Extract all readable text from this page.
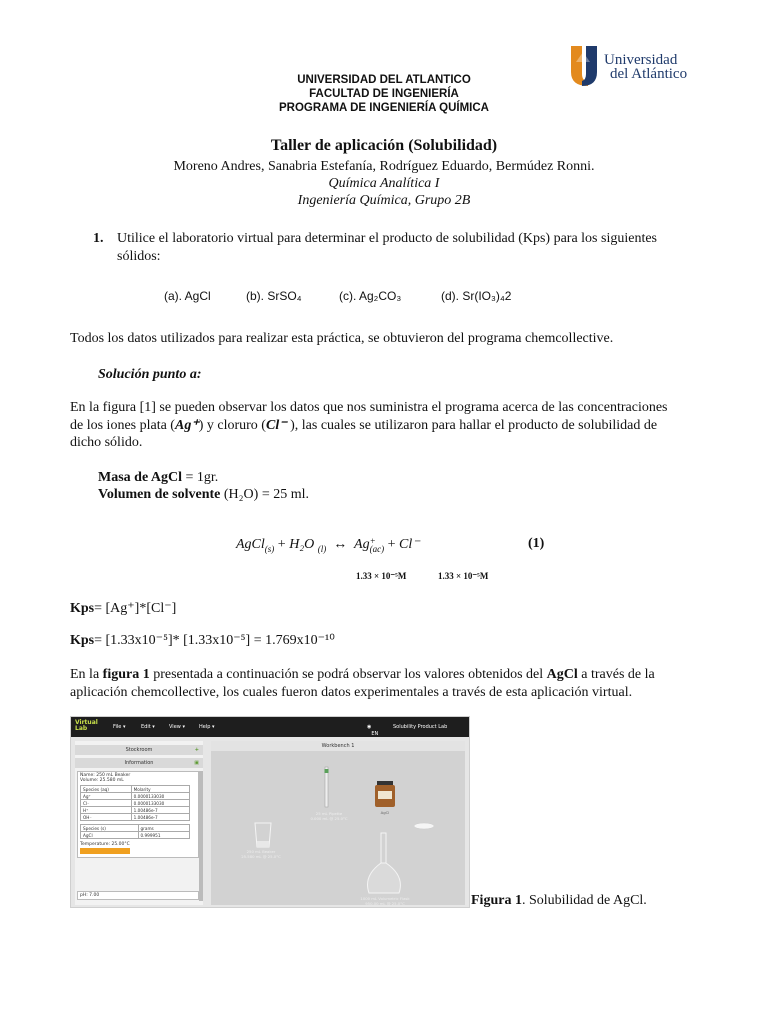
UNIVERSIDAD DEL ATLANTICO
FACULTAD DE INGENIERÍA
PROGRAMA DE INGENIERÍA QUÍMICA
Universidad
del Atlántico
Taller de aplicación (Solubilidad)
Moreno Andres, Sanabria Estefanía, Rodríguez Eduardo, Bermúdez Ronni.
Química Analítica I
Ingeniería Química, Grupo 2B
1. Utilice el laboratorio virtual para determinar el producto de solubilidad (Kps) para los siguientes
sólidos:
(a). AgCl	(b). SrSO₄	(c). Ag₂CO₃	(d). Sr(IO₃)₄2
Todos los datos utilizados para realizar esta práctica, se obtuvieron del programa chemcollective.
Solución punto a:
En la figura [1] se pueden observar los datos que nos suministra el programa acerca de las concentraciones
de los iones plata (Ag⁺) y cloruro (Cl⁻ ), las cuales se utilizaron para hallar el producto de solubilidad de
dicho sólido.
Masa de AgCl = 1gr.
Volumen de solvente (H₂O) = 25 ml.
AgCl$_{(s)}$ + H₂O $_{(l)}$ ↔ Ag +
(ac) + Cl⁻	(1)
1.33 × 10⁻⁵M	1.33 × 10⁻⁵M
Kps= [Ag⁺]*[Cl⁻]
Kps= [1.33x10⁻⁵]* [1.33x10⁻⁵] = 1.769x10⁻¹⁰
En la figura 1 presentada a continuación se podrá observar los valores obtenidos del AgCl a través de la
aplicación chemcollective, los cuales fueron datos experimentales a través de esta aplicación virtual.
Virtual Lab	File ▾	Edit ▾	View ▾	Help ▾	◉
EN
Solubility Product Lab
Stockroom	+
Information	▣
Name: 250 mL Beaker
Volume: 25.580 mL
Species (aq)	Molarity
Ag⁺	0.0000133030
Cl⁻	0.0000133030
H⁺	1.00486e-7
OH⁻	1.00486e-7
Species (s)	grams
AgCl	0.999951
Temperature: 25.00°C
pH: 7.00
Workbench 1
25 mL Pipette
0.000 mL @ 25.0°C
AgCl
250 mL Beaker
25.580 mL @ 25.0°C
1000 mL Volumetric Flask
950.00 mL @ 25.0°C	Figura 1. Solubilidad de AgCl.
